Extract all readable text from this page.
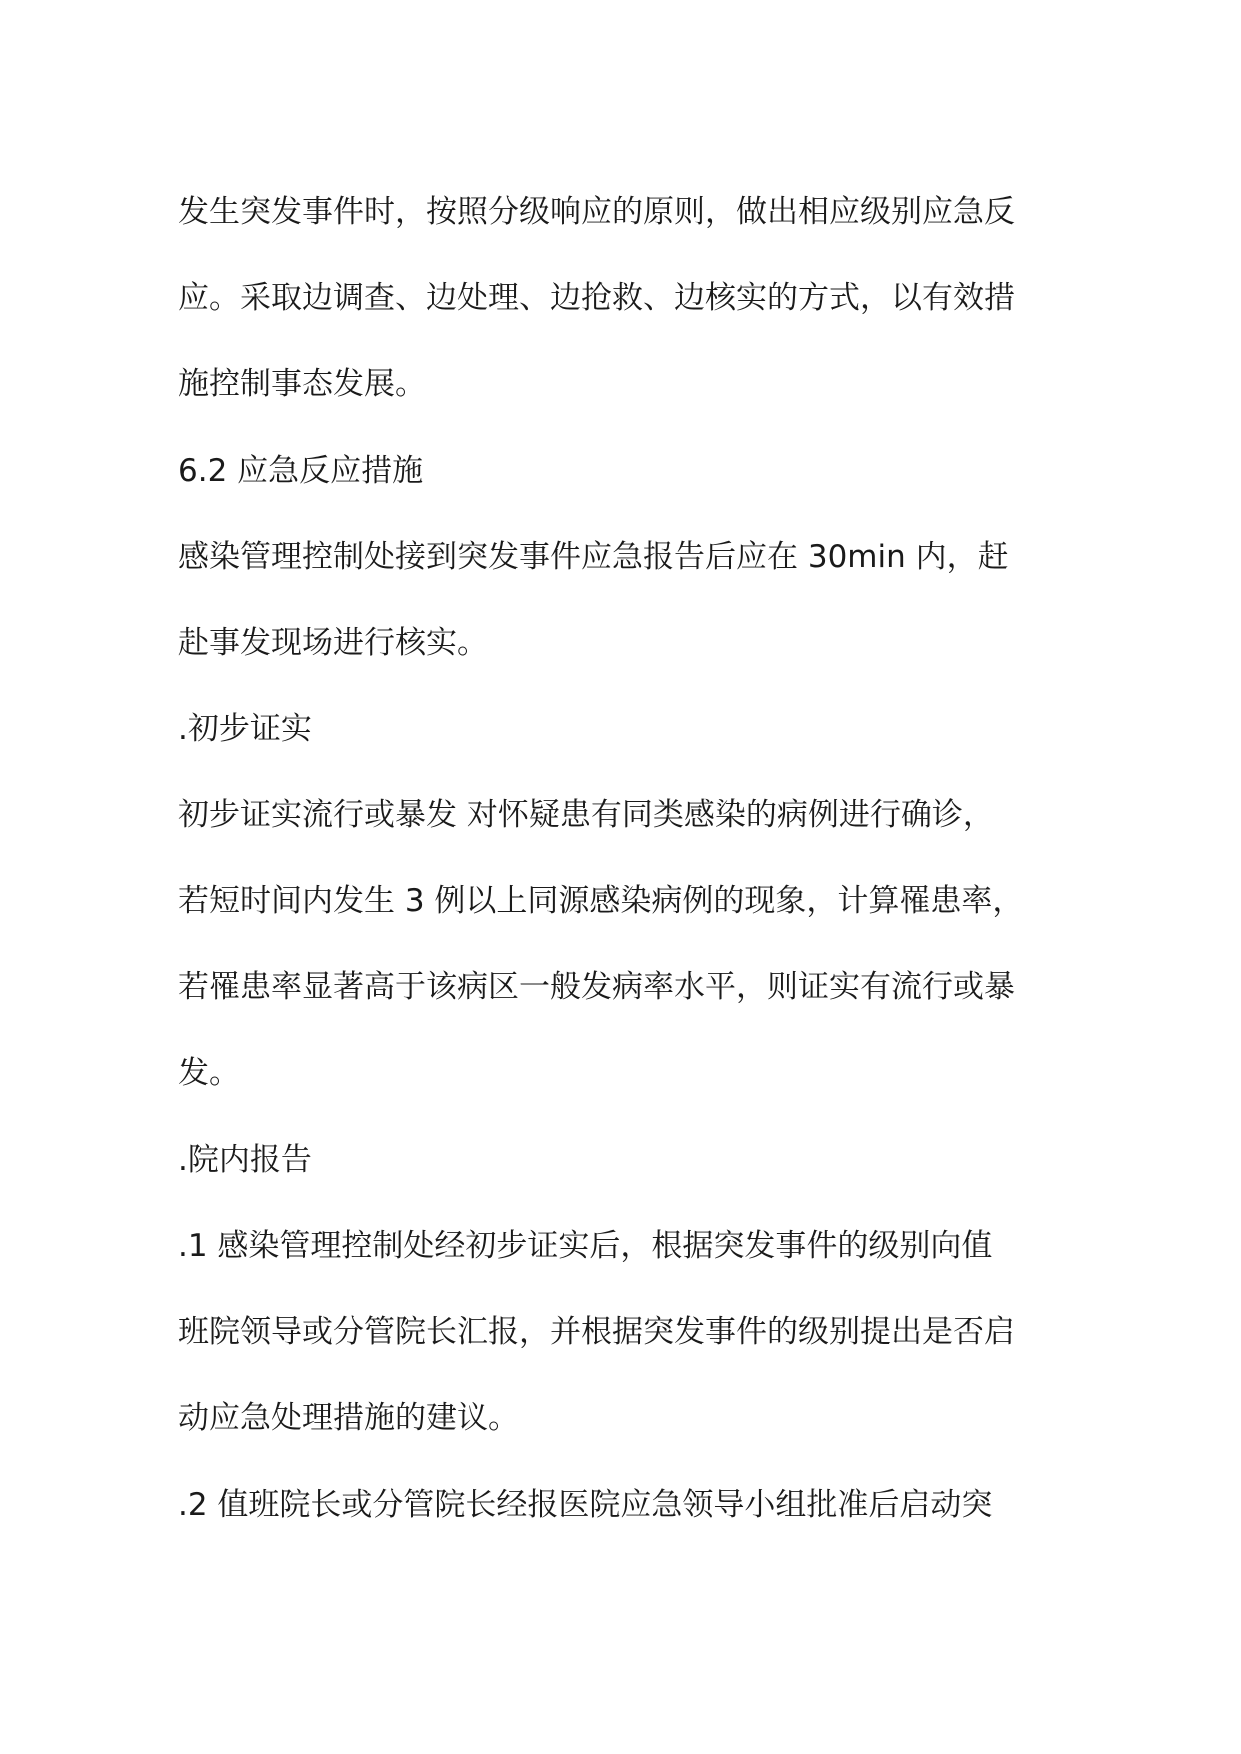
发生突发事件时，按照分级响应的原则，做出相应级别应急反
应。采取边调查、边处理、边抢救、边核实的方式，以有效措
施控制事态发展。
6.2 应急反应措施
感染管理控制处接到突发事件应急报告后应在 30min 内，赶
赴事发现场进行核实。
.初步证实
初步证实流行或暴发 对怀疑患有同类感染的病例进行确诊，
若短时间内发生 3 例以上同源感染病例的现象，计算罹患率，
若罹患率显著高于该病区一般发病率水平，则证实有流行或暴
发。
.院内报告
.1 感染管理控制处经初步证实后，根据突发事件的级别向值
班院领导或分管院长汇报，并根据突发事件的级别提出是否启
动应急处理措施的建议。
.2 值班院长或分管院长经报医院应急领导小组批准后启动突
